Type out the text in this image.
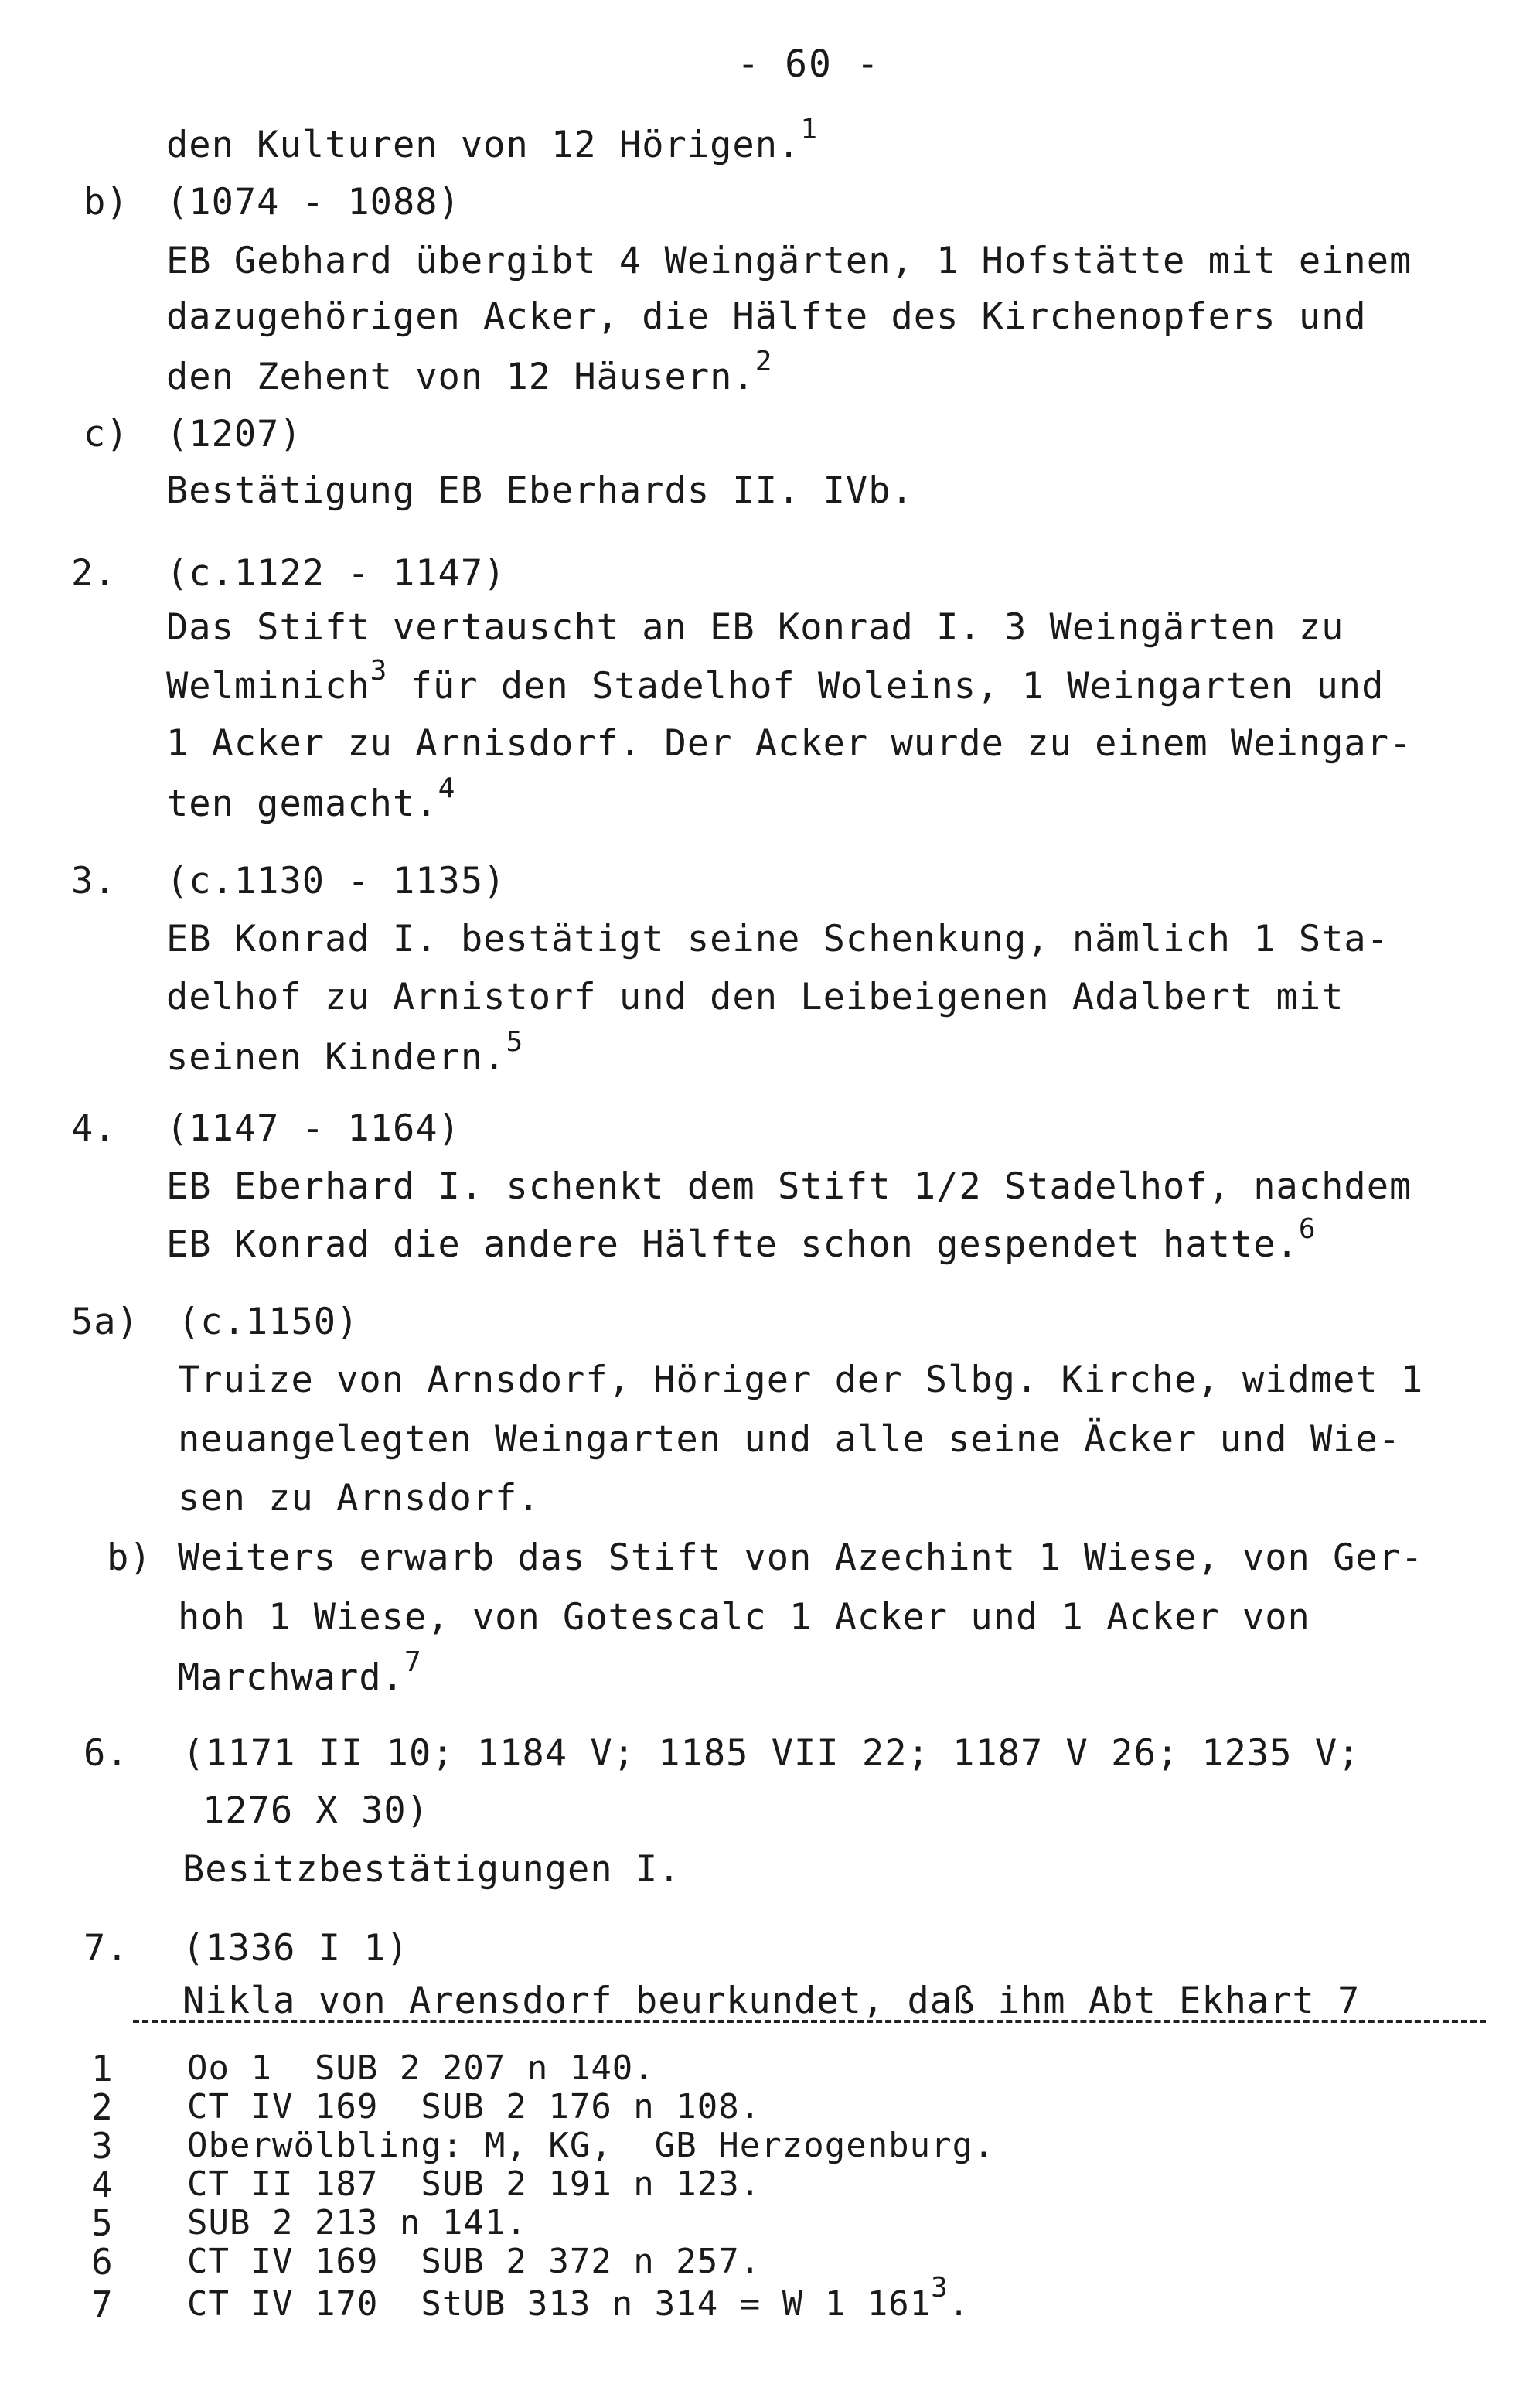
- 60 -
den Kulturen von 12 Hörigen.$^1$
b) (1074 - 1088)
EB Gebhard übergibt 4 Weingärten, 1 Hofstätte mit einem
dazugehörigen Acker, die Hälfte des Kirchenopfers und
den Zehent von 12 Häusern.$^2$
c) (1207)
Bestätigung EB Eberhards II. IVb.
2. (c.1122 - 1147)
Das Stift vertauscht an EB Konrad I. 3 Weingärten zu
Welminich$^3$ für den Stadelhof Woleins, 1 Weingarten und
1 Acker zu Arnisdorf. Der Acker wurde zu einem Weingar-
ten gemacht.$^4$
3. (c.1130 - 1135)
EB Konrad I. bestätigt seine Schenkung, nämlich 1 Sta-
delhof zu Arnistorf und den Leibeigenen Adalbert mit
seinen Kindern.$^5$
4. (1147 - 1164)
EB Eberhard I. schenkt dem Stift 1/2 Stadelhof, nachdem
EB Konrad die andere Hälfte schon gespendet hatte.$^6$
5a) (c.1150)
Truize von Arnsdorf, Höriger der Slbg. Kirche, widmet 1
neuangelegten Weingarten und alle seine Äcker und Wie-
sen zu Arnsdorf.
b) Weiters erwarb das Stift von Azechint 1 Wiese, von Ger-
hoh 1 Wiese, von Gotescalc 1 Acker und 1 Acker von
Marchward.$^7$
6. (1171 II 10; 1184 V; 1185 VII 22; 1187 V 26; 1235 V;
1276 X 30)
Besitzbestätigungen I.
7. (1336 I 1)
Nikla von Arensdorf beurkundet, daß ihm Abt Ekhart 7
1 Oo 1  SUB 2 207 n 140.
2 CT IV 169  SUB 2 176 n 108.
3 Oberwölbling: M, KG,  GB Herzogenburg.
4 CT II 187  SUB 2 191 n 123.
5 SUB 2 213 n 141.
6 CT IV 169  SUB 2 372 n 257.
7 CT IV 170  StUB 313 n 314 = W 1 $161^3$.
